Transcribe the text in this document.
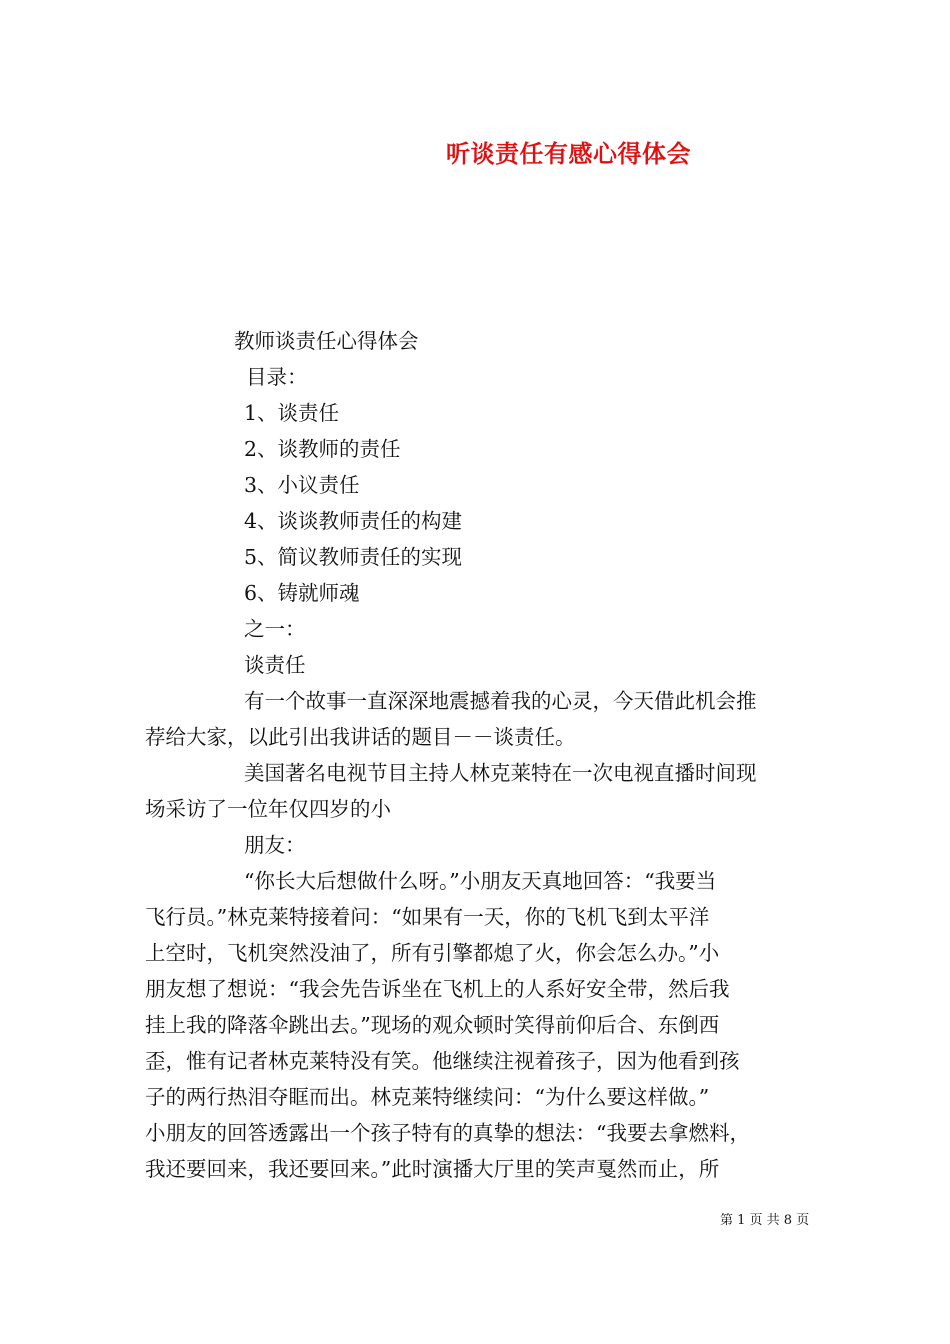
听谈责任有感心得体会
教师谈责任心得体会
目录：
1、谈责任
2、谈教师的责任
3、小议责任
4、谈谈教师责任的构建
5、简议教师责任的实现
6、铸就师魂
之一：
谈责任
有一个故事一直深深地震撼着我的心灵，今天借此机会推
荐给大家，以此引出我讲话的题目－－谈责任。
美国著名电视节目主持人林克莱特在一次电视直播时间现
场采访了一位年仅四岁的小
朋友：
“你长大后想做什么呀。”小朋友天真地回答：“我要当
飞行员。”林克莱特接着问：“如果有一天，你的飞机飞到太平洋
上空时，飞机突然没油了，所有引擎都熄了火，你会怎么办。”小
朋友想了想说：“我会先告诉坐在飞机上的人系好安全带，然后我
挂上我的降落伞跳出去。”现场的观众顿时笑得前仰后合、东倒西
歪，惟有记者林克莱特没有笑。他继续注视着孩子，因为他看到孩
子的两行热泪夺眶而出。林克莱特继续问：“为什么要这样做。”
小朋友的回答透露出一个孩子特有的真挚的想法：“我要去拿燃料，
我还要回来，我还要回来。”此时演播大厅里的笑声戛然而止，所
第 1 页 共 8 页
